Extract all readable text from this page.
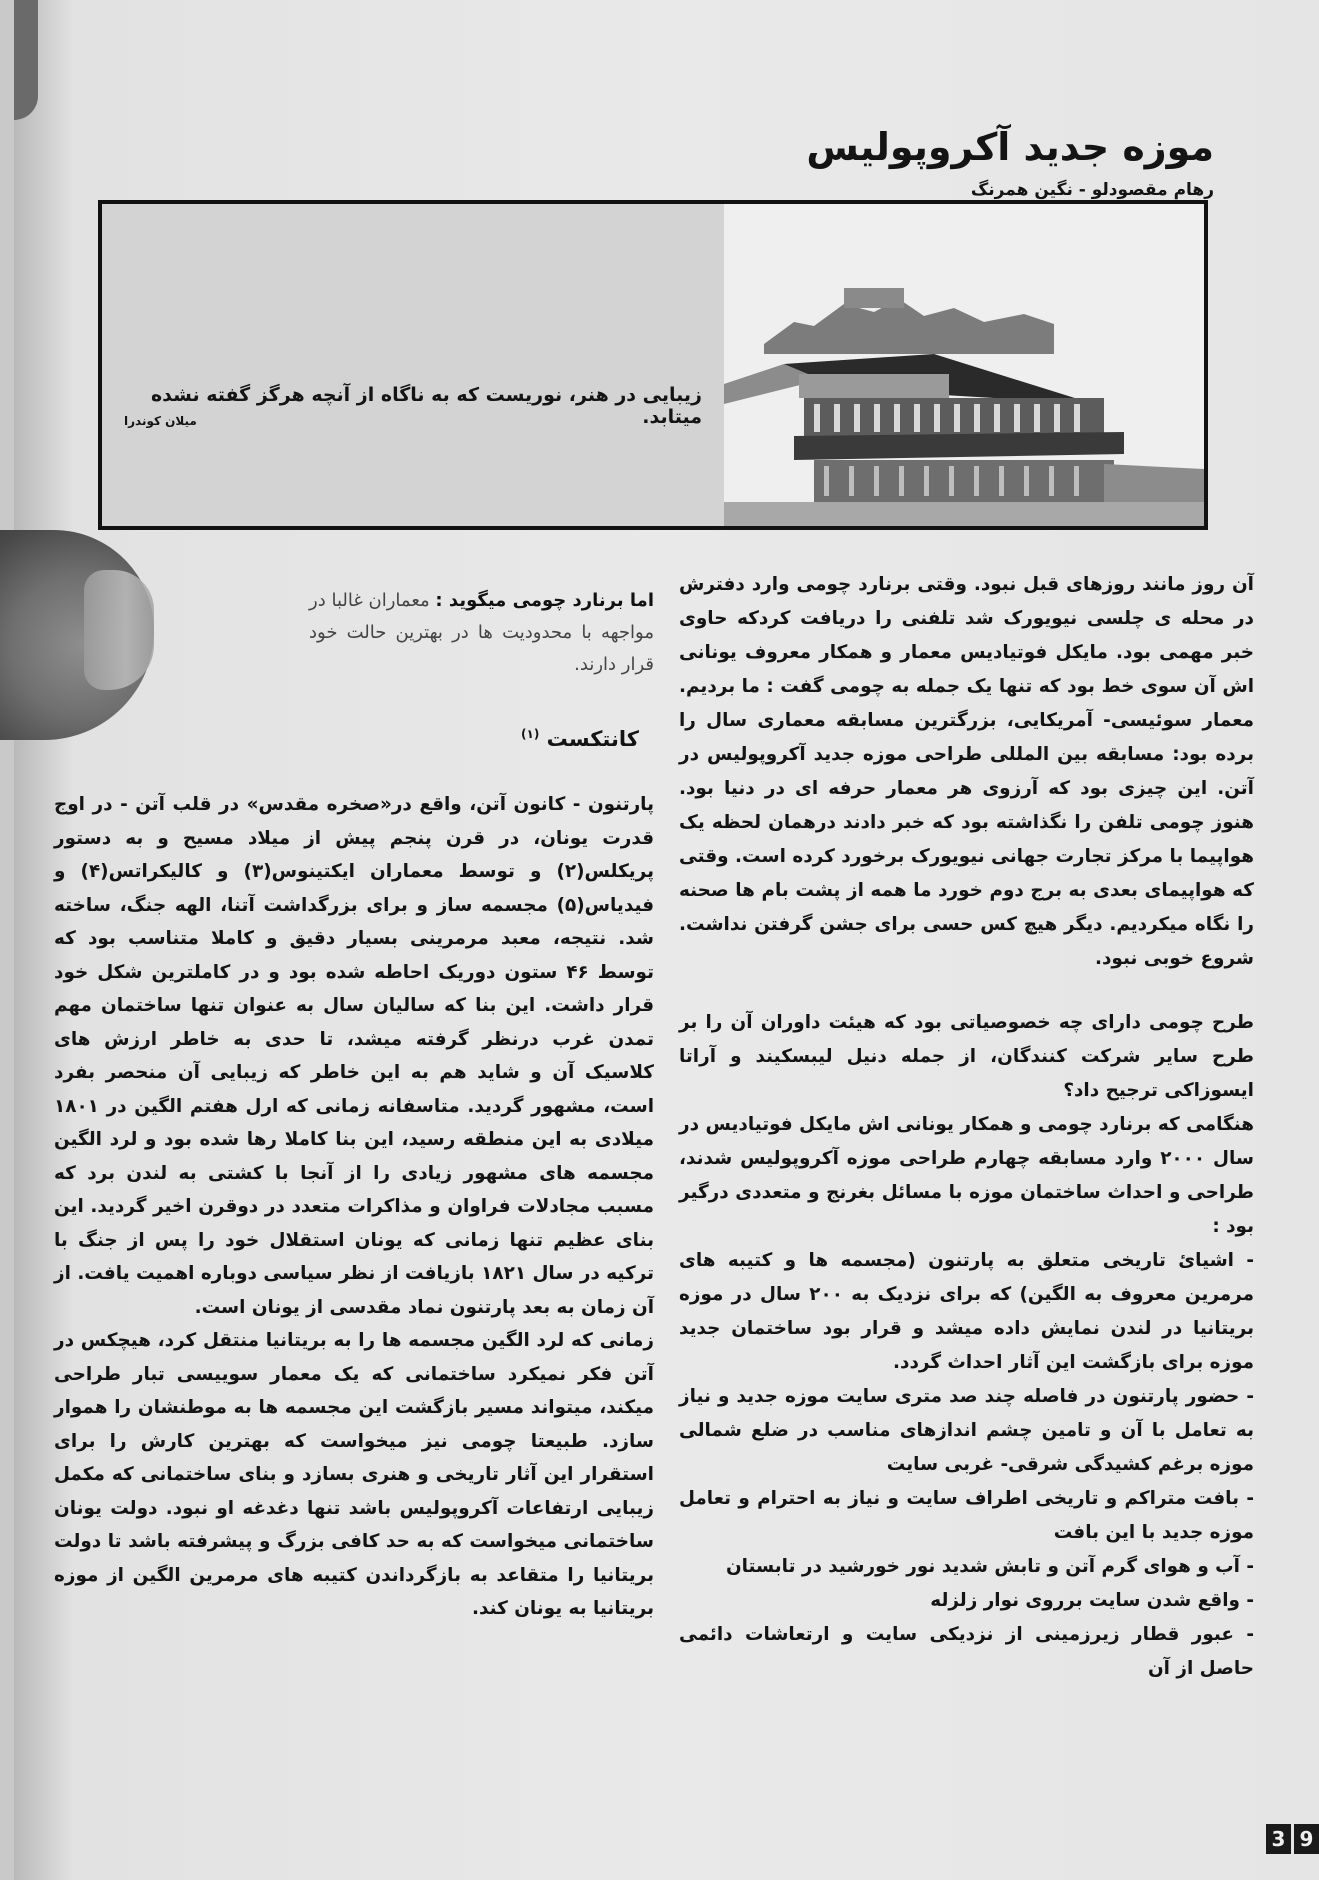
موزه جدید آکروپولیس
رهام مقصودلو - نگین همرنگ
زیبایی در هنر، نوریست که به ناگاه از آنچه هرگز گفته نشده میتابد.
میلان کوندرا
اما برنارد چومی میگوید : معماران غالبا در مواجهه با محدودیت ها در بهترین حالت خود قرار دارند.
کانتکست $^{(۱)}$

آن روز مانند روزهای قبل نبود. وقتی برنارد چومی وارد دفترش در محله ی چلسی نیویورک شد تلفنی را دریافت کردکه حاوی خبر مهمی بود. مایکل فوتیادیس معمار و همکار معروف یونانی اش آن سوی خط بود که تنها یک جمله به چومی گفت : ما بردیم. معمار سوئیسی- آمریکایی، بزرگترین مسابقه معماری سال را برده بود: مسابقه بین المللی طراحی موزه جدید آکروپولیس در آتن. این چیزی بود که آرزوی هر معمار حرفه ای در دنیا بود. هنوز چومی تلفن را نگذاشته بود که خبر دادند درهمان لحظه یک هواپیما با مرکز تجارت جهانی نیویورک برخورد کرده است. وقتی که هواپیمای بعدی به برج دوم خورد ما همه از پشت بام ها صحنه را نگاه میکردیم. دیگر هیچ کس حسی برای جشن گرفتن نداشت. شروع خوبی نبود.

طرح چومی دارای چه خصوصیاتی بود که هیئت داوران آن را بر طرح سایر شرکت کنندگان، از جمله دنیل لیبسکیند و آراتا ایسوزاکی ترجیح داد؟

هنگامی که برنارد چومی و همکار یونانی اش مایکل فوتیادیس در سال ۲۰۰۰ وارد مسابقه چهارم طراحی موزه آکروپولیس شدند، طراحی و احداث ساختمان موزه با مسائل بغرنج و متعددی درگیر بود :

- اشیائ تاریخی متعلق به پارتنون (مجسمه ها و کتیبه های مرمرین معروف به الگین) که برای نزدیک به ۲۰۰ سال در موزه بریتانیا در لندن نمایش داده میشد و قرار بود ساختمان جدید موزه برای بازگشت این آثار احداث گردد.

- حضور پارتنون در فاصله چند صد متری سایت موزه جدید و نیاز به تعامل با آن و تامین چشم اندازهای مناسب در ضلع شمالی موزه برغم کشیدگی شرقی- غربی سایت

- بافت متراکم و تاریخی اطراف سایت و نیاز به احترام و تعامل موزه جدید با این بافت

- آب و هوای گرم آتن و تابش شدید نور خورشید در تابستان

- واقع شدن سایت برروی نوار زلزله

- عبور قطار زیرزمینی از نزدیکی سایت و ارتعاشات دائمی حاصل از آن

پارتنون - کانون آتن، واقع در«صخره مقدس» در قلب آتن - در اوج قدرت یونان، در قرن پنجم پیش از میلاد مسیح و به دستور پریکلس(۲) و توسط معماران ایکتینوس(۳) و کالیکراتس(۴) و فیدیاس(۵) مجسمه ساز و برای بزرگداشت آتنا، الهه جنگ، ساخته شد. نتیجه، معبد مرمرینی بسیار دقیق و کاملا متناسب بود که توسط ۴۶ ستون دوریک احاطه شده بود و در کاملترین شکل خود قرار داشت. این بنا که سالیان سال به عنوان تنها ساختمان مهم تمدن غرب درنظر گرفته میشد، تا حدی به خاطر ارزش های کلاسیک آن و شاید هم به این خاطر که زیبایی آن منحصر بفرد است، مشهور گردید. متاسفانه زمانی که ارل هفتم الگین در ۱۸۰۱ میلادی به این منطقه رسید، این بنا کاملا رها شده بود و لرد الگین مجسمه های مشهور زیادی را از آنجا با کشتی به لندن برد که مسبب مجادلات فراوان و مذاکرات متعدد در دوقرن اخیر گردید. این بنای عظیم تنها زمانی که یونان استقلال خود را پس از جنگ با ترکیه در سال ۱۸۲۱ بازیافت از نظر سیاسی دوباره اهمیت یافت. از آن زمان به بعد پارتنون نماد مقدسی از یونان است.

زمانی که لرد الگین مجسمه ها را به بریتانیا منتقل کرد، هیچکس در آتن فکر نمیکرد ساختمانی که یک معمار سوییسی تبار طراحی میکند، میتواند مسیر بازگشت این مجسمه ها به موطنشان را هموار سازد. طبیعتا چومی نیز میخواست که بهترین کارش را برای استقرار این آثار تاریخی و هنری بسازد و بنای ساختمانی که مکمل زیبایی ارتفاعات آکروپولیس باشد تنها دغدغه او نبود. دولت یونان ساختمانی میخواست که به حد کافی بزرگ و پیشرفته باشد تا دولت بریتانیا را متقاعد به بازگرداندن کتیبه های مرمرین الگین از موزه بریتانیا به یونان کند.

3 9
